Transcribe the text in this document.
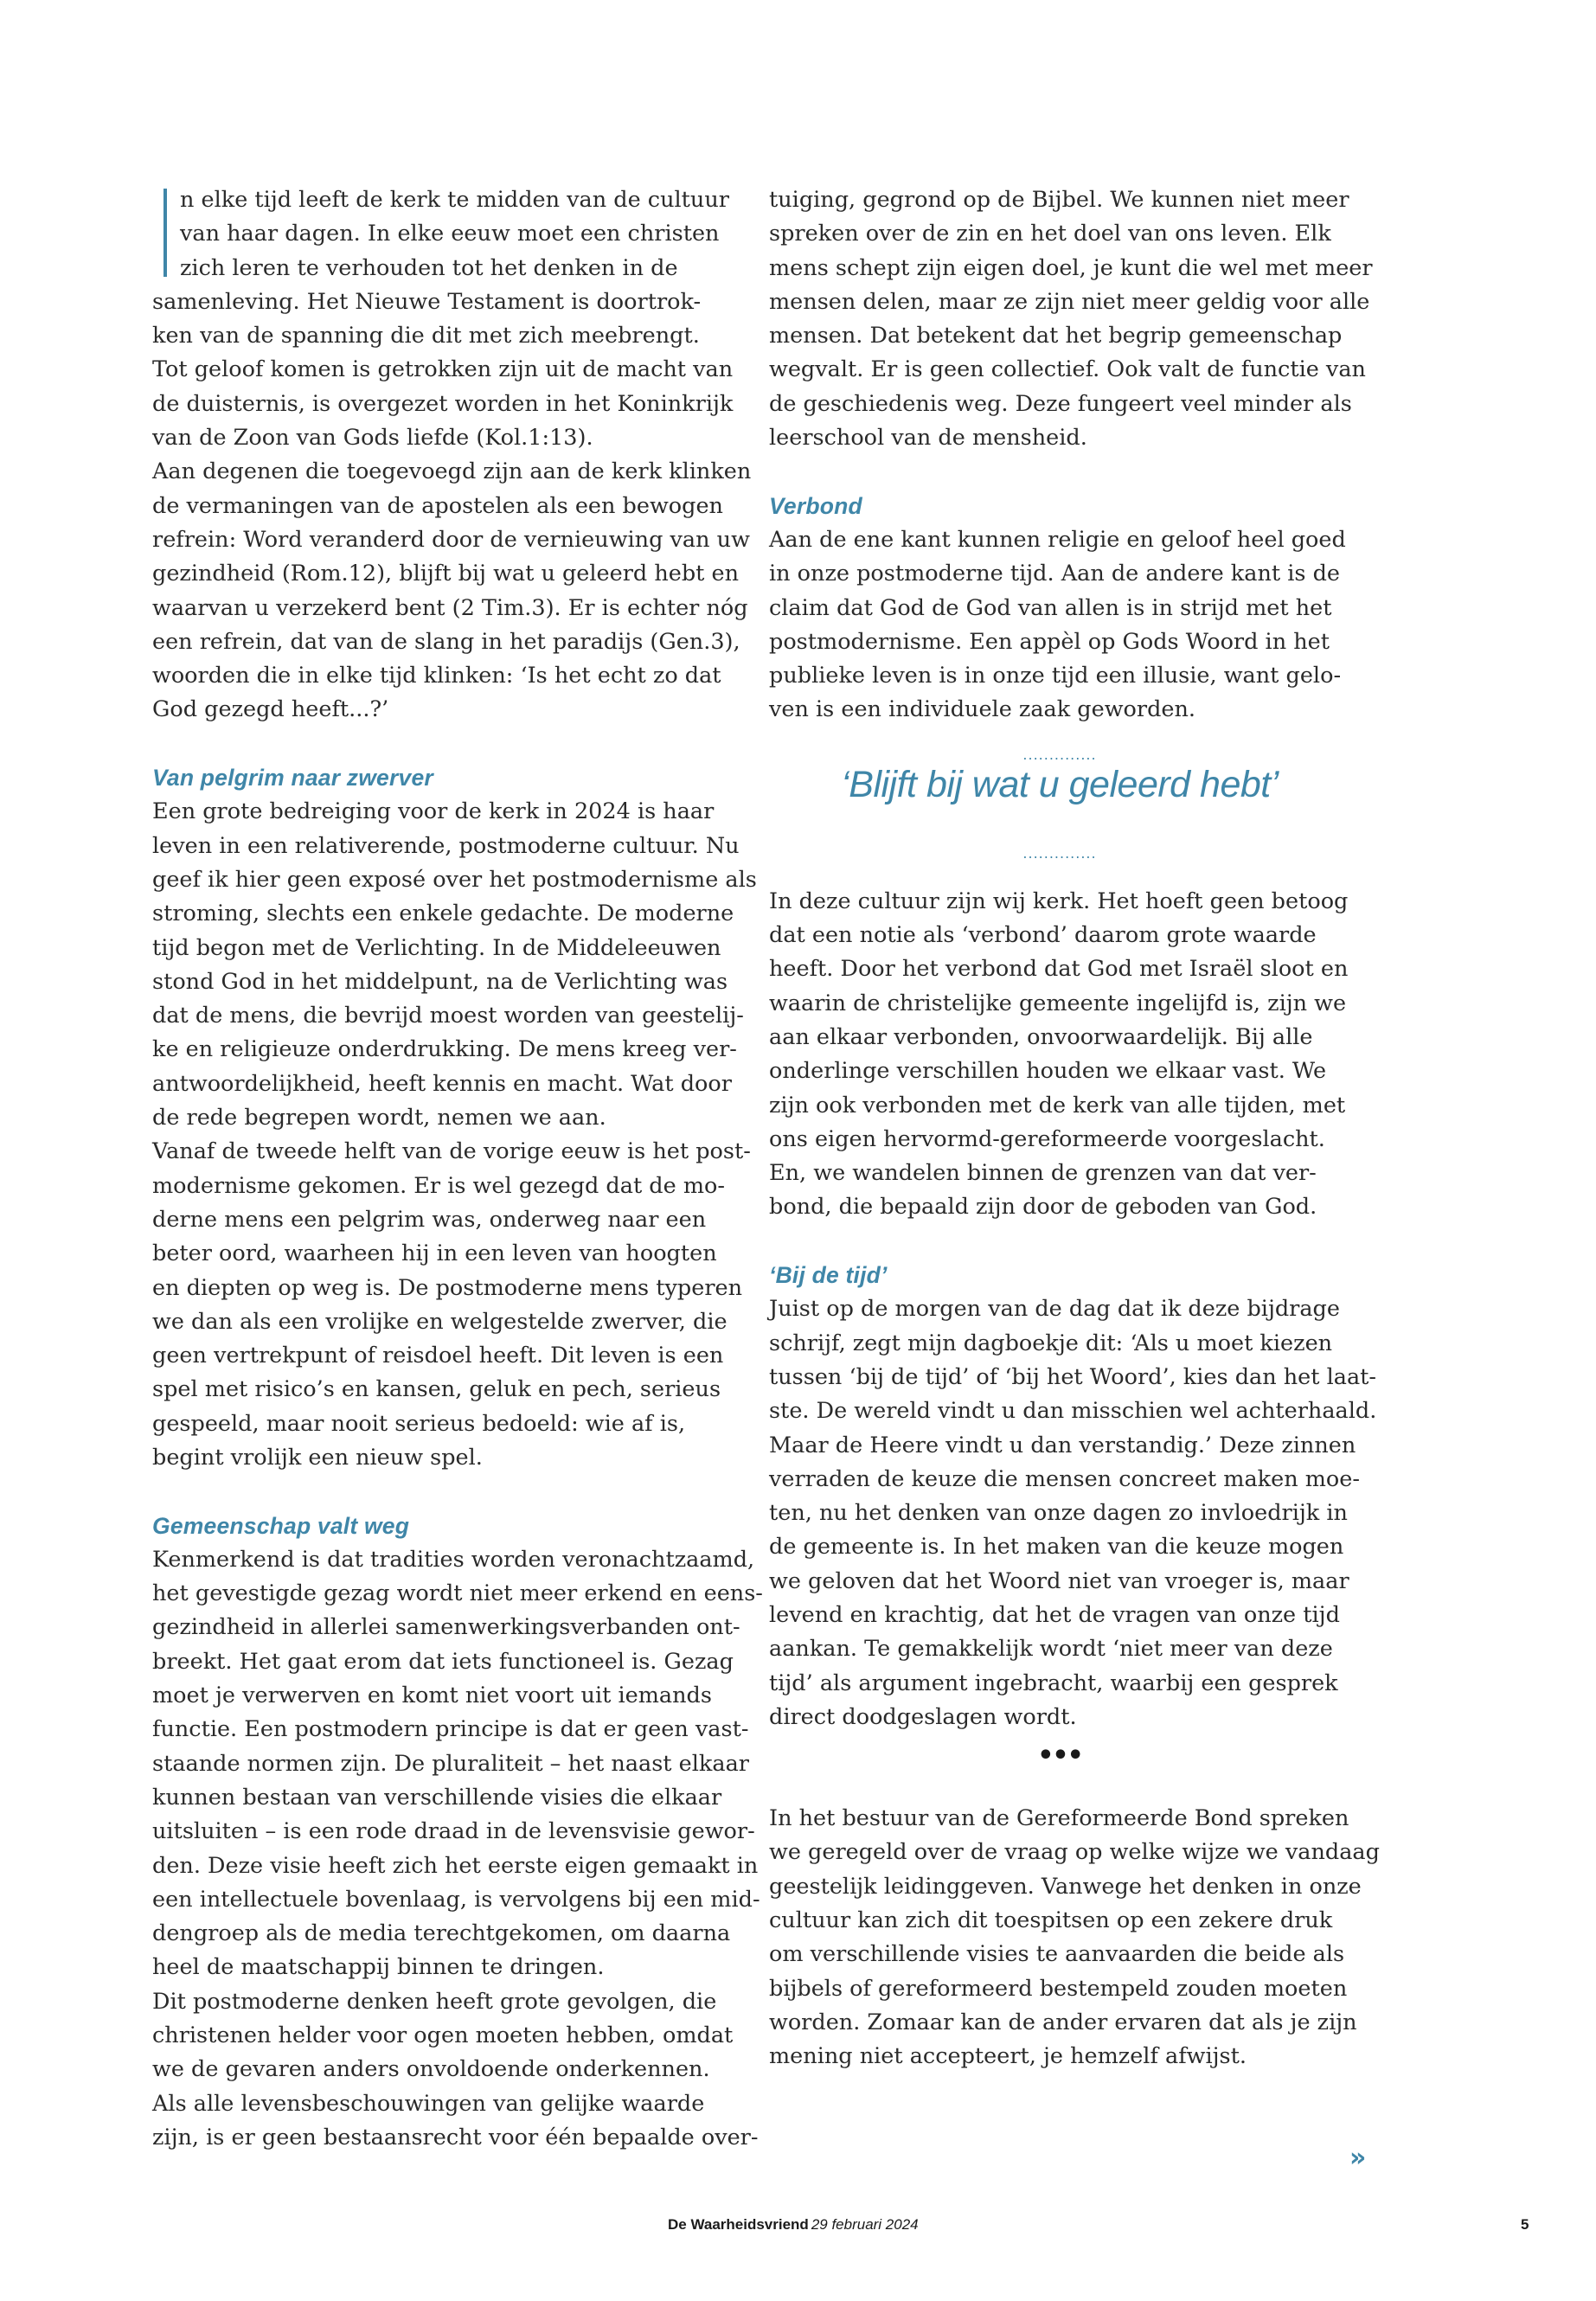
n elke tijd leeft de kerk te midden van de cultuur
van haar dagen. In elke eeuw moet een christen
zich leren te verhouden tot het denken in de
samenleving. Het Nieuwe Testament is doortrok-
ken van de spanning die dit met zich meebrengt.
Tot geloof komen is getrokken zijn uit de macht van
de duisternis, is overgezet worden in het Koninkrijk
van de Zoon van Gods liefde (Kol.1:13).
Aan degenen die toegevoegd zijn aan de kerk klinken
de vermaningen van de apostelen als een bewogen
refrein: Word veranderd door de vernieuwing van uw
gezindheid (Rom.12), blijft bij wat u geleerd hebt en
waarvan u verzekerd bent (2 Tim.3). Er is echter nóg
een refrein, dat van de slang in het paradijs (Gen.3),
woorden die in elke tijd klinken: ‘Is het echt zo dat
God gezegd heeft...?’
Van pelgrim naar zwerver
Een grote bedreiging voor de kerk in 2024 is haar
leven in een relativerende, postmoderne cultuur. Nu
geef ik hier geen exposé over het postmodernisme als
stroming, slechts een enkele gedachte. De moderne
tijd begon met de Verlichting. In de Middeleeuwen
stond God in het middelpunt, na de Verlichting was
dat de mens, die bevrijd moest worden van geestelij-
ke en religieuze onderdrukking. De mens kreeg ver-
antwoordelijkheid, heeft kennis en macht. Wat door
de rede begrepen wordt, nemen we aan.
Vanaf de tweede helft van de vorige eeuw is het post-
modernisme gekomen. Er is wel gezegd dat de mo-
derne mens een pelgrim was, onderweg naar een
beter oord, waarheen hij in een leven van hoogten
en diepten op weg is. De postmoderne mens typeren
we dan als een vrolijke en welgestelde zwerver, die
geen vertrekpunt of reisdoel heeft. Dit leven is een
spel met risico’s en kansen, geluk en pech, serieus
gespeeld, maar nooit serieus bedoeld: wie af is,
begint vrolijk een nieuw spel.
Gemeenschap valt weg
Kenmerkend is dat tradities worden veronachtzaamd,
het gevestigde gezag wordt niet meer erkend en eens-
gezindheid in allerlei samenwerkingsverbanden ont-
breekt. Het gaat erom dat iets functioneel is. Gezag
moet je verwerven en komt niet voort uit iemands
functie. Een postmodern principe is dat er geen vast-
staande normen zijn. De pluraliteit – het naast elkaar
kunnen bestaan van verschillende visies die elkaar
uitsluiten – is een rode draad in de levensvisie gewor-
den. Deze visie heeft zich het eerste eigen gemaakt in
een intellectuele bovenlaag, is vervolgens bij een mid-
dengroep als de media terechtgekomen, om daarna
heel de maatschappij binnen te dringen.
Dit postmoderne denken heeft grote gevolgen, die
christenen helder voor ogen moeten hebben, omdat
we de gevaren anders onvoldoende onderkennen.
Als alle levensbeschouwingen van gelijke waarde
zijn, is er geen bestaansrecht voor één bepaalde over-
tuiging, gegrond op de Bijbel. We kunnen niet meer
spreken over de zin en het doel van ons leven. Elk
mens schept zijn eigen doel, je kunt die wel met meer
mensen delen, maar ze zijn niet meer geldig voor alle
mensen. Dat betekent dat het begrip gemeenschap
wegvalt. Er is geen collectief. Ook valt de functie van
de geschiedenis weg. Deze fungeert veel minder als
leerschool van de mensheid.
Verbond
Aan de ene kant kunnen religie en geloof heel goed
in onze postmoderne tijd. Aan de andere kant is de
claim dat God de God van allen is in strijd met het
postmodernisme. Een appèl op Gods Woord in het
publieke leven is in onze tijd een illusie, want gelo-
ven is een individuele zaak geworden.
..............
‘Blijft bij wat u geleerd hebt’
..............
In deze cultuur zijn wij kerk. Het hoeft geen betoog
dat een notie als ‘verbond’ daarom grote waarde
heeft. Door het verbond dat God met Israël sloot en
waarin de christelijke gemeente ingelijfd is, zijn we
aan elkaar verbonden, onvoorwaardelijk. Bij alle
onderlinge verschillen houden we elkaar vast. We
zijn ook verbonden met de kerk van alle tijden, met
ons eigen hervormd-gereformeerde voorgeslacht.
En, we wandelen binnen de grenzen van dat ver-
bond, die bepaald zijn door de geboden van God.
‘Bij de tijd’
Juist op de morgen van de dag dat ik deze bijdrage
schrijf, zegt mijn dagboekje dit: ‘Als u moet kiezen
tussen ‘bij de tijd’ of ‘bij het Woord’, kies dan het laat-
ste. De wereld vindt u dan misschien wel achterhaald.
Maar de Heere vindt u dan verstandig.’ Deze zinnen
verraden de keuze die mensen concreet maken moe-
ten, nu het denken van onze dagen zo invloedrijk in
de gemeente is. In het maken van die keuze mogen
we geloven dat het Woord niet van vroeger is, maar
levend en krachtig, dat het de vragen van onze tijd
aankan. Te gemakkelijk wordt ‘niet meer van deze
tijd’ als argument ingebracht, waarbij een gesprek
direct doodgeslagen wordt.
•••
In het bestuur van de Gereformeerde Bond spreken
we geregeld over de vraag op welke wijze we vandaag
geestelijk leidinggeven. Vanwege het denken in onze
cultuur kan zich dit toespitsen op een zekere druk
om verschillende visies te aanvaarden die beide als
bijbels of gereformeerd bestempeld zouden moeten
worden. Zomaar kan de ander ervaren dat als je zijn
mening niet accepteert, je hemzelf afwijst.
»
De Waarheidsvriend 29 februari 2024	5
